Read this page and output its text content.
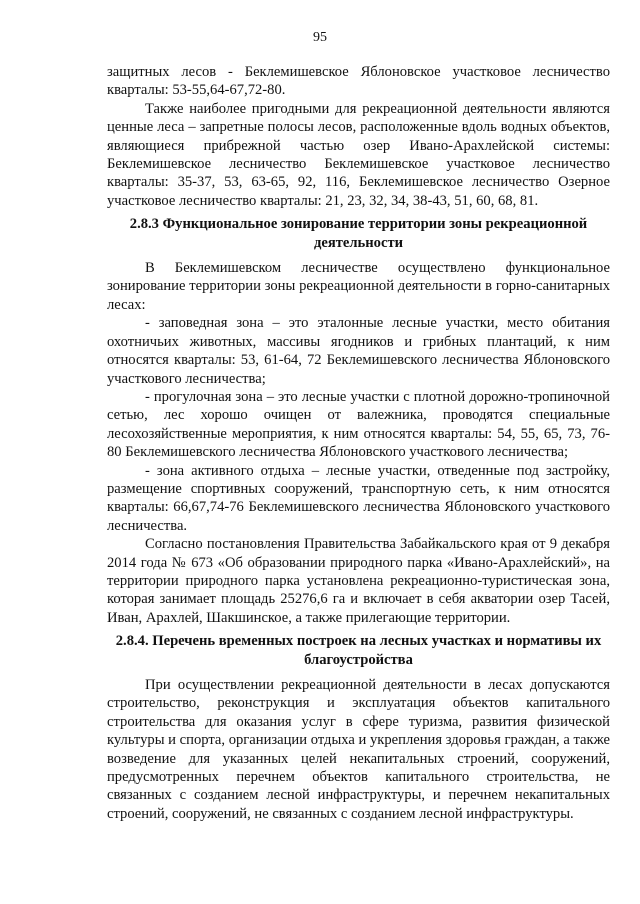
95

защитных лесов - Беклемишевское Яблоновское участковое лесничество кварталы: 53-55,64-67,72-80.

Также наиболее пригодными для рекреационной деятельности являются ценные леса – запретные полосы лесов, расположенные вдоль водных объектов, являющиеся прибрежной частью озер Ивано-Арахлейской системы: Беклемишевское лесничество Беклемишевское участковое лесничество кварталы: 35-37, 53, 63-65, 92, 116, Беклемишевское лесничество Озерное участковое лесничество кварталы: 21, 23, 32, 34, 38-43, 51, 60, 68, 81.

2.8.3 Функциональное зонирование территории зоны рекреационной деятельности

В Беклемишевском лесничестве осуществлено функциональное зонирование территории зоны рекреационной деятельности в горно-санитарных лесах:

- заповедная зона – это эталонные лесные участки, место обитания охотничьих животных, массивы ягодников и грибных плантаций, к ним относятся кварталы: 53, 61-64, 72 Беклемишевского лесничества Яблоновского участкового лесничества;

- прогулочная зона – это лесные участки с плотной дорожно-тропиночной сетью, лес хорошо очищен от валежника, проводятся специальные лесохозяйственные мероприятия, к ним относятся кварталы: 54, 55, 65, 73, 76-80 Беклемишевского лесничества Яблоновского участкового лесничества;

- зона активного отдыха – лесные участки, отведенные под застройку, размещение спортивных сооружений, транспортную сеть, к ним относятся кварталы: 66,67,74-76 Беклемишевского лесничества Яблоновского участкового лесничества.

Согласно постановления Правительства Забайкальского края от 9 декабря 2014 года № 673 «Об образовании природного парка «Ивано-Арахлейский», на территории природного парка установлена рекреационно-туристическая зона, которая занимает площадь 25276,6 га и включает в себя акватории озер Тасей, Иван, Арахлей, Шакшинское, а также прилегающие территории.

2.8.4. Перечень временных построек на лесных участках и нормативы их благоустройства

При осуществлении рекреационной деятельности в лесах допускаются строительство, реконструкция и эксплуатация объектов капитального строительства для оказания услуг в сфере туризма, развития физической культуры и спорта, организации отдыха и укрепления здоровья граждан, а также возведение для указанных целей некапитальных строений, сооружений, предусмотренных перечнем объектов капитального строительства, не связанных с созданием лесной инфраструктуры, и перечнем некапитальных строений, сооружений, не связанных с созданием лесной инфраструктуры.
